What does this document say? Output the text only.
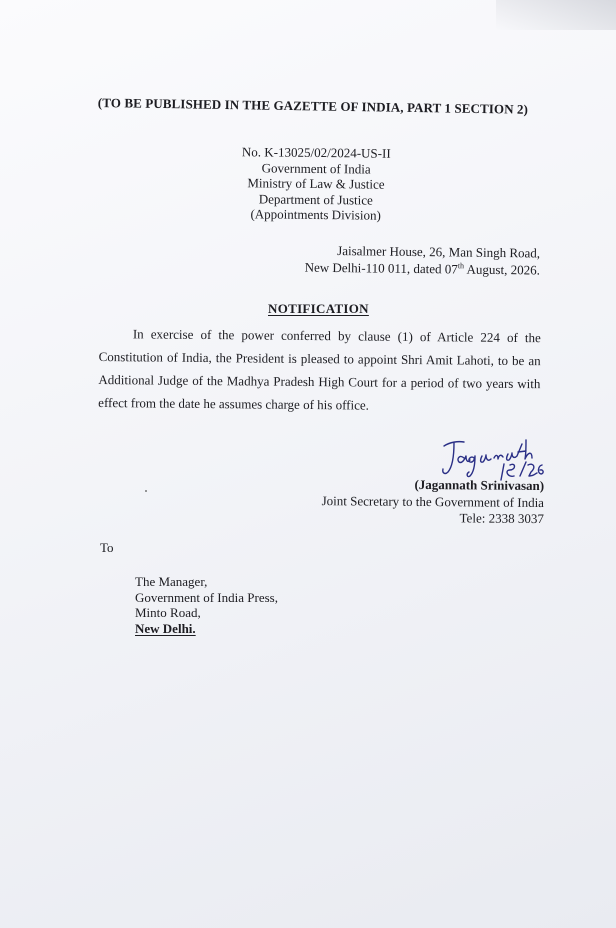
(TO BE PUBLISHED IN THE GAZETTE OF INDIA, PART 1 SECTION 2)
No. K-13025/02/2024-US-II
Government of India
Ministry of Law & Justice
Department of Justice
(Appointments Division)
Jaisalmer House, 26, Man Singh Road,
New Delhi-110 011, dated 07th August, 2026.
NOTIFICATION
In exercise of the power conferred by clause (1) of Article 224 of the Constitution of India, the President is pleased to appoint Shri Amit Lahoti, to be an Additional Judge of the Madhya Pradesh High Court for a period of two years with effect from the date he assumes charge of his office.
(Jagannath Srinivasan)
Joint Secretary to the Government of India
Tele: 2338 3037
To
The Manager,
Government of India Press,
Minto Road,
New Delhi.
